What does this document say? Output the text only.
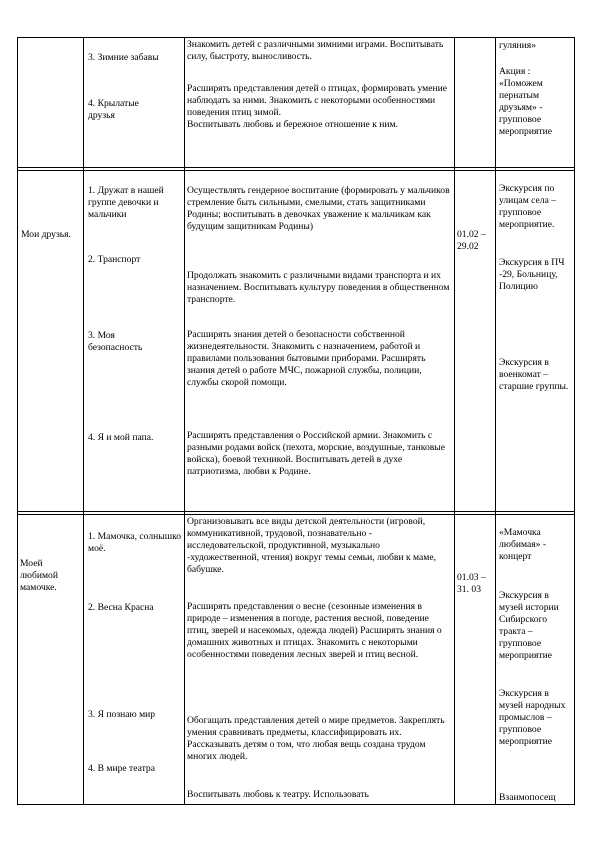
3. Зимние забавы
4. Крылатые друзья
Знакомить детей с различными зимними играми. Воспитывать силу, быстроту, выносливость.
Расширять представления детей о птицах, формировать умение наблюдать за ними. Знакомить с некоторыми особенностями поведения птиц зимой.
Воспитывать любовь и бережное отношение к ним.
гуляния»
Акция : «Поможем пернатым друзьям» - групповое мероприятие
Мои друзья.
1. Дружат в нашей группе девочки и мальчики
2. Транспорт
3. Моя безопасность
4. Я и мой папа.
Осуществлять гендерное воспитание (формировать у мальчиков стремление быть сильными, смелыми, стать защитниками Родины; воспитывать в девочках уважение к мальчикам как будущим защитникам Родины)
Продолжать знакомить с различными видами транспорта и их назначением. Воспитывать культуру поведения в общественном транспорте.
Расширять знания детей о безопасности собственной жизнедеятельности. Знакомить с назначением, работой и правилами пользования бытовыми приборами. Расширять знания детей о работе МЧС, пожарной службы, полиции, службы скорой помощи.
Расширять представления о Российской армии. Знакомить с разными родами войск (пехота, морские, воздушные, танковые войска), боевой техникой. Воспитывать детей в духе патриотизма, любви к Родине.
01.02 – 29.02
Экскурсия по улицам села – групповое мероприятие.
Экскурсия в ПЧ -29, Больницу, Полицию
Экскурсия в военкомат – старшие группы.
Моей любимой мамочке.
1. Мамочка, солнышко моё.
2. Весна Красна
3. Я познаю мир
4. В мире театра
Организовывать все виды детской деятельности (игровой, коммуникативной, трудовой, познавательно - исследовательской, продуктивной, музыкально -художественной, чтения) вокруг темы семьи, любви к маме, бабушке.
Расширять представления о весне (сезонные изменения в природе – изменения в погоде, растения весной, поведение птиц, зверей и насекомых, одежда людей) Расширять знания о домашних животных и птицах. Знакомить с некоторыми особенностями поведения лесных зверей и птиц весной.
Обогащать представления детей о мире предметов. Закреплять умения сравнивать предметы, классифицировать их. Рассказывать детям о том, что любая вещь создана трудом многих людей.
Воспитывать любовь к театру. Использовать
01.03 – 31. 03
«Мамочка любимая» - концерт
Экскурсия в музей истории Сибирского тракта – групповое мероприятие
Экскурсия в музей народных промыслов – групповое мероприятие
Взаимопосещ
